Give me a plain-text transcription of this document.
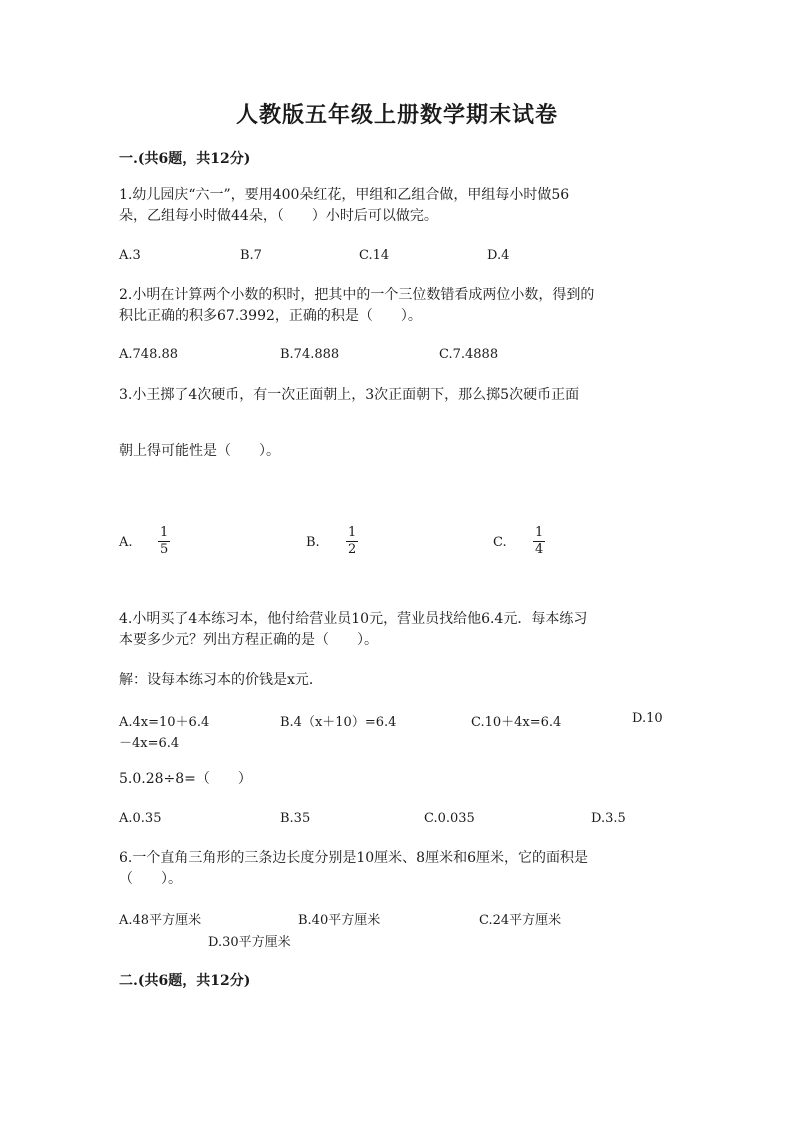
人教版五年级上册数学期末试卷
一.(共6题，共12分)
1.幼儿园庆“六一”，要用400朵红花，甲组和乙组合做，甲组每小时做56
朵，乙组每小时做44朵，（　　）小时后可以做完。
A.3	B.7	C.14	D.4
2.小明在计算两个小数的积时，把其中的一个三位数错看成两位小数，得到的
积比正确的积多67.3992，正确的积是（　　）。
A.748.88	B.74.888	C.7.4888
3.小王掷了4次硬币，有一次正面朝上，3次正面朝下，那么掷5次硬币正面
朝上得可能性是（　　）。
A.
1
5	B.
1
2	C.
1
4
4.小明买了4本练习本，他付给营业员10元，营业员找给他6.4元．每本练习
本要多少元？列出方程正确的是（　　）。
解：设每本练习本的价钱是x元．
A.4x=10＋6.4	B.4（x＋10）=6.4	C.10＋4x=6.4	D.10
－4x=6.4
5.0.28÷8=（　　）
A.0.35	B.35	C.0.035	D.3.5
6.一个直角三角形的三条边长度分别是10厘米、8厘米和6厘米，它的面积是
（　　）。
A.48平方厘米	B.40平方厘米	C.24平方厘米
D.30平方厘米
二.(共6题，共12分)
